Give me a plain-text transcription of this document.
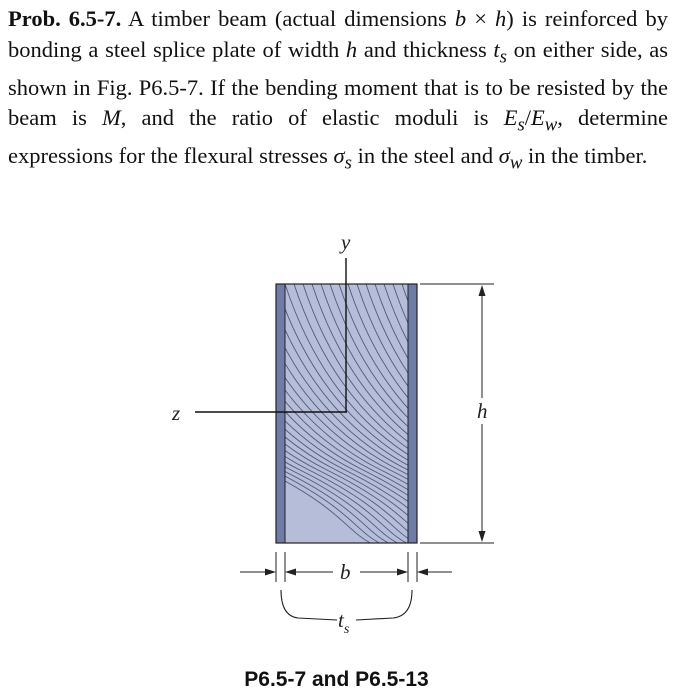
Prob. 6.5-7. A timber beam (actual dimensions b × h) is reinforced by bonding a steel splice plate of width h and thickness $t_s$ on either side, as shown in Fig. P6.5-7. If the bending moment that is to be resisted by the beam is M, and the ratio of elastic moduli is $E_s/E_w$, determine expressions for the flexural stresses $\sigma_s$ in the steel and $\sigma_w$ in the timber.
y
z	h
b
$t_s$
P6.5-7 and P6.5-13
